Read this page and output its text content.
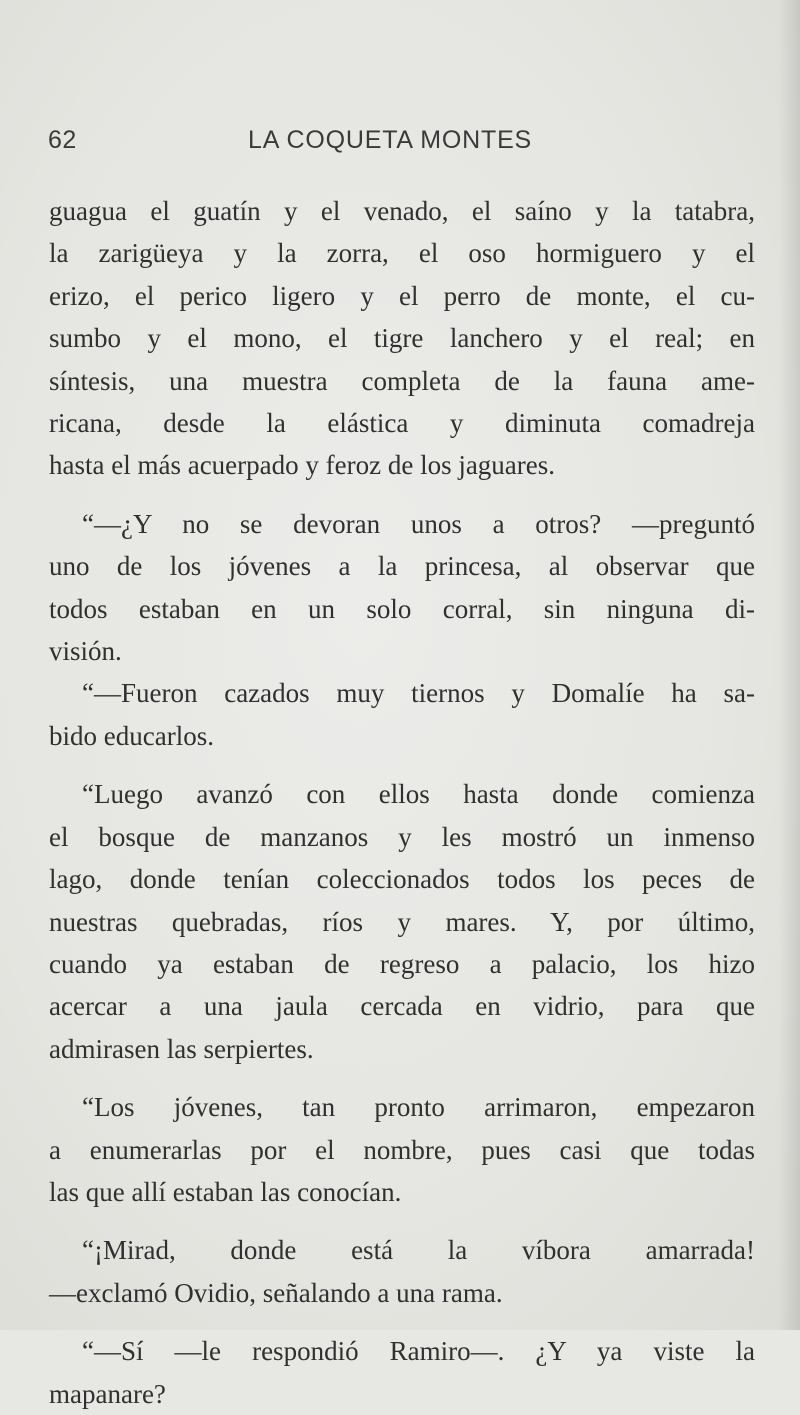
62	LA COQUETA MONTES

guagua el guatín y el venado, el saíno y la tatabra,
la zarigüeya y la zorra, el oso hormiguero y el
erizo, el perico ligero y el perro de monte, el cu-
sumbo y el mono, el tigre lanchero y el real; en
síntesis, una muestra completa de la fauna ame-
ricana, desde la elástica y diminuta comadreja
hasta el más acuerpado y feroz de los jaguares.

“—¿Y no se devoran unos a otros? —preguntó
uno de los jóvenes a la princesa, al observar que
todos estaban en un solo corral, sin ninguna di-
visión.

“—Fueron cazados muy tiernos y Domalíe ha sa-
bido educarlos.

“Luego avanzó con ellos hasta donde comienza
el bosque de manzanos y les mostró un inmenso
lago, donde tenían coleccionados todos los peces de
nuestras quebradas, ríos y mares. Y, por último,
cuando ya estaban de regreso a palacio, los hizo
acercar a una jaula cercada en vidrio, para que
admirasen las serpiertes.

“Los jóvenes, tan pronto arrimaron, empezaron
a enumerarlas por el nombre, pues casi que todas
las que allí estaban las conocían.

“¡Mirad, donde está la víbora amarrada!
—exclamó Ovidio, señalando a una rama.

“—Sí —le respondió Ramiro—. ¿Y ya viste la
mapanare?
